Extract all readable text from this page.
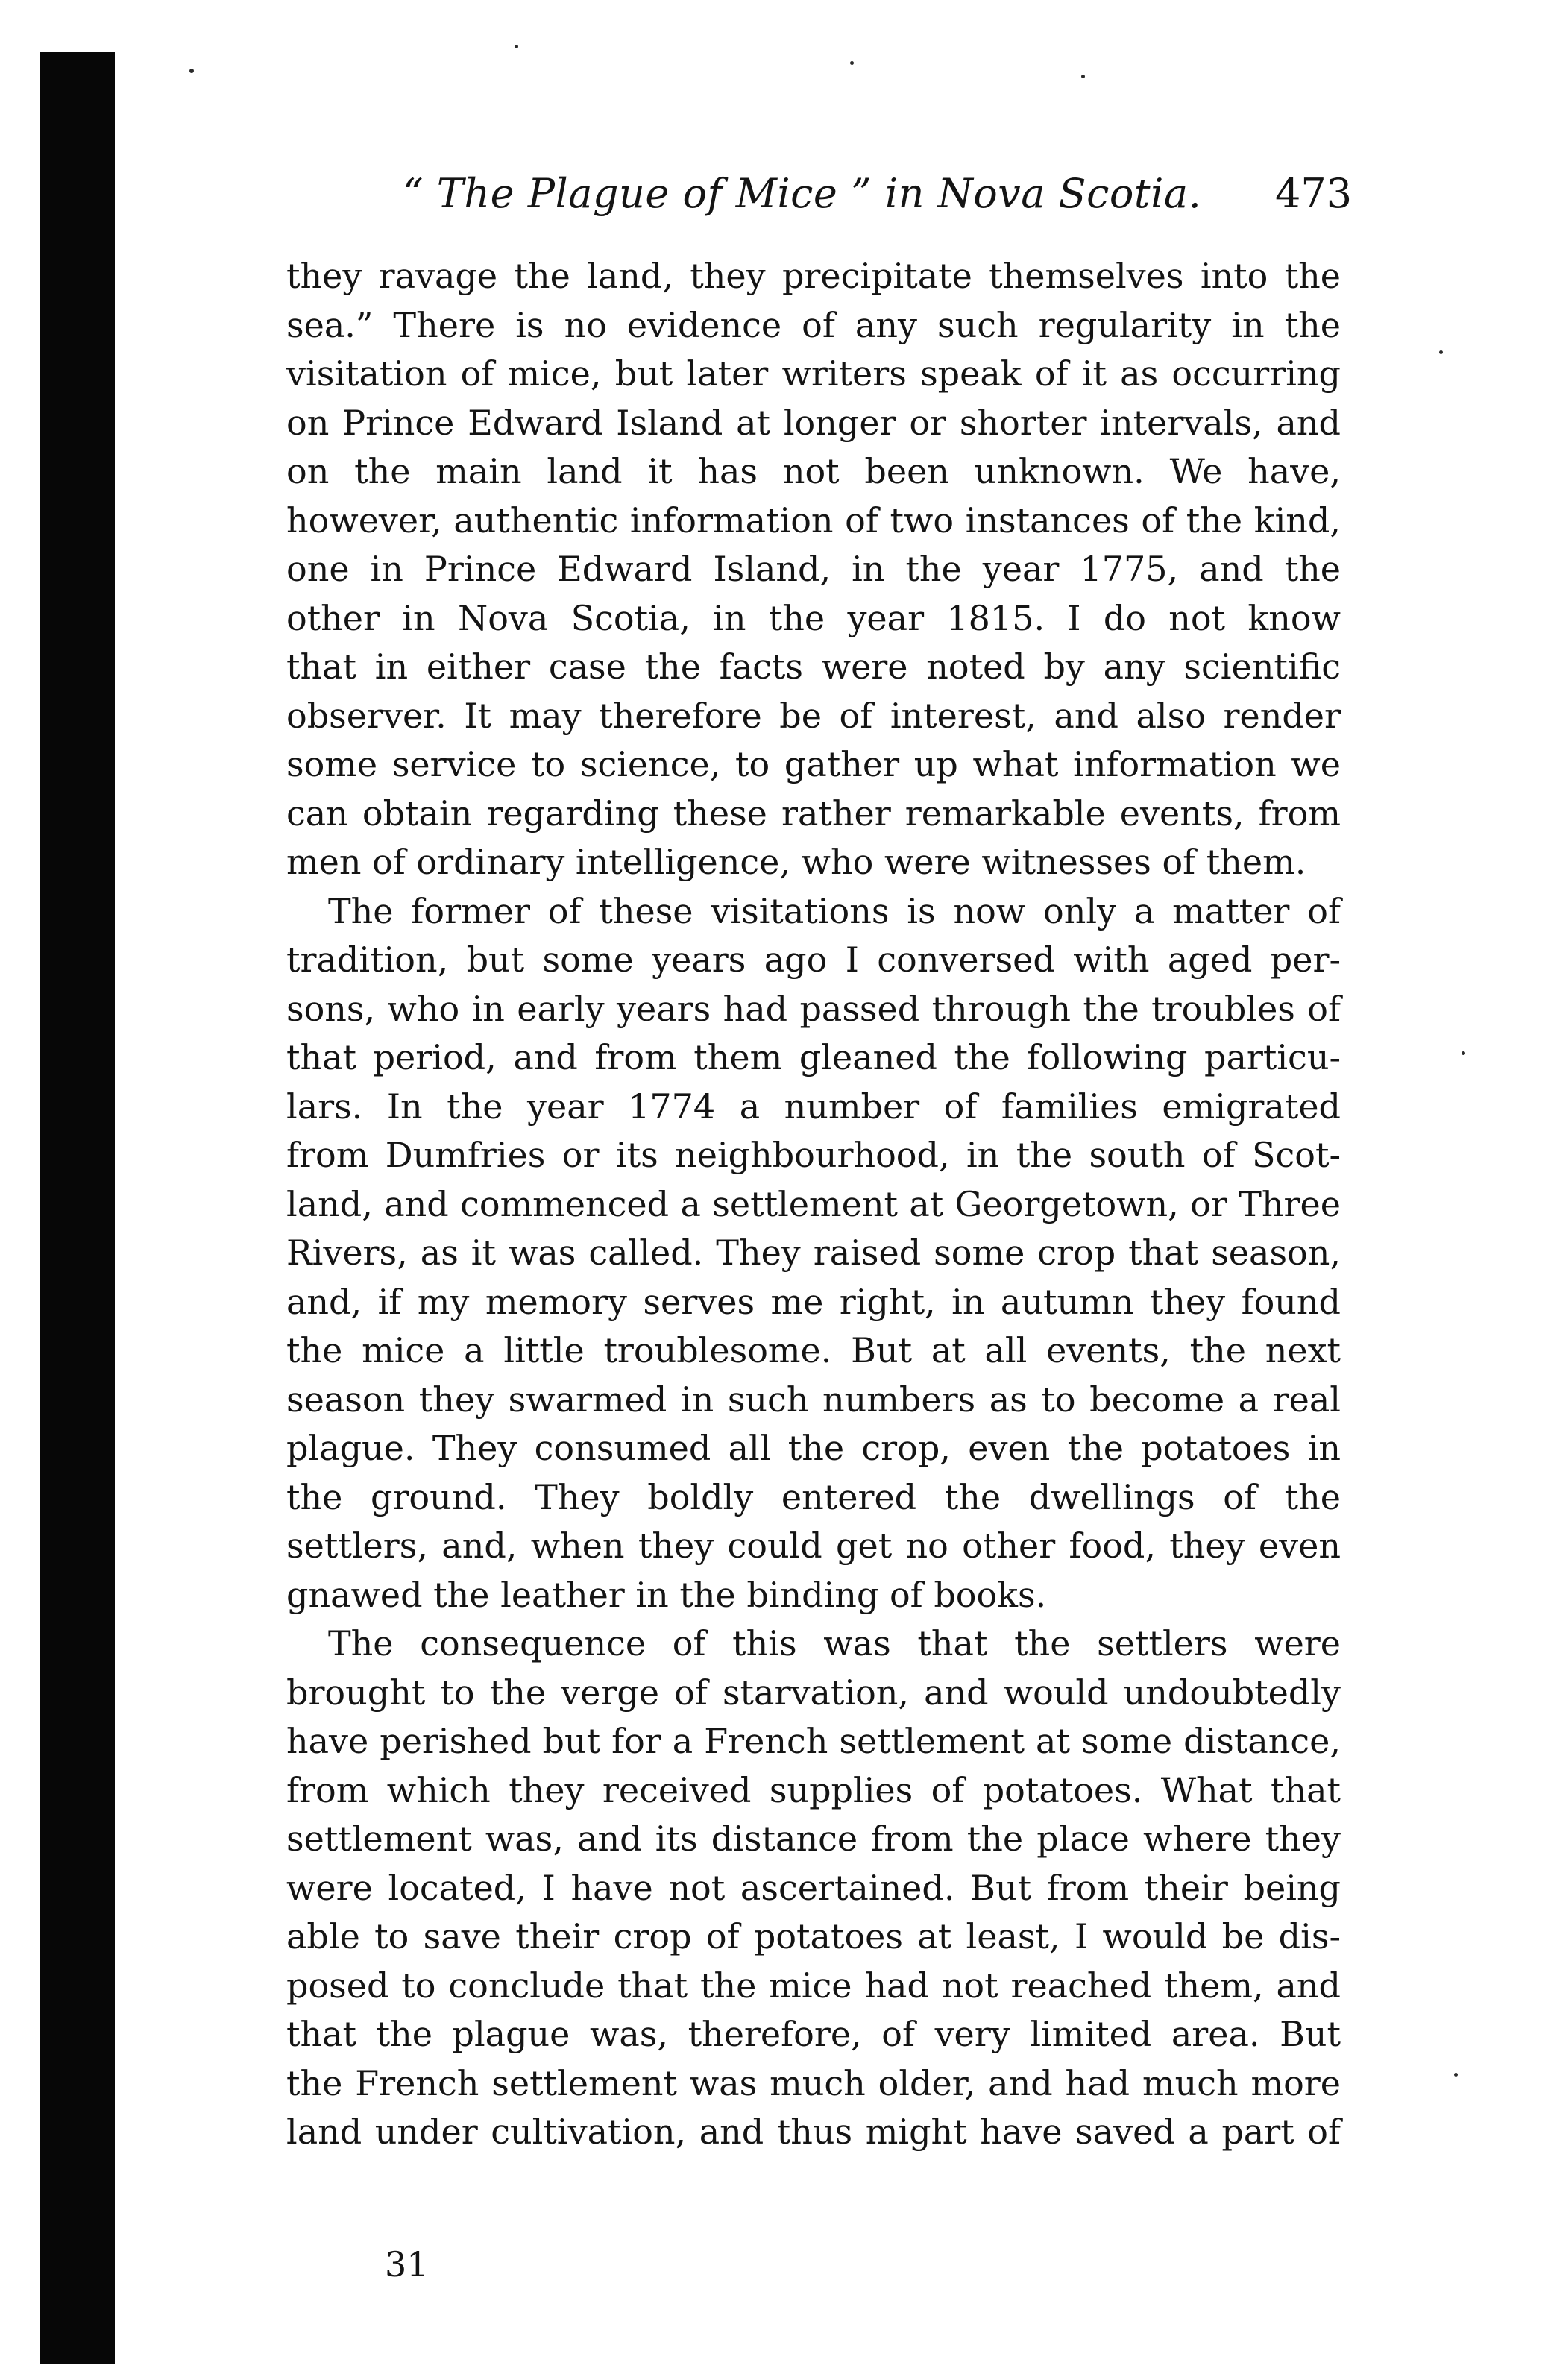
“ The Plague of Mice ” in Nova Scotia. 473
they ravage the land, they precipitate themselves into the
sea.” There is no evidence of any such regularity in the
visitation of mice, but later writers speak of it as occurring
on Prince Edward Island at longer or shorter intervals, and
on the main land it has not been unknown. We have,
however, authentic information of two instances of the kind,
one in Prince Edward Island, in the year 1775, and the
other in Nova Scotia, in the year 1815. I do not know
that in either case the facts were noted by any scientific
observer. It may therefore be of interest, and also render
some service to science, to gather up what information we
can obtain regarding these rather remarkable events, from
men of ordinary intelligence, who were witnesses of them.
The former of these visitations is now only a matter of
tradition, but some years ago I conversed with aged per-
sons, who in early years had passed through the troubles of
that period, and from them gleaned the following particu-
lars. In the year 1774 a number of families emigrated
from Dumfries or its neighbourhood, in the south of Scot-
land, and commenced a settlement at Georgetown, or Three
Rivers, as it was called. They raised some crop that season,
and, if my memory serves me right, in autumn they found
the mice a little troublesome. But at all events, the next
season they swarmed in such numbers as to become a real
plague. They consumed all the crop, even the potatoes in
the ground. They boldly entered the dwellings of the
settlers, and, when they could get no other food, they even
gnawed the leather in the binding of books.
The consequence of this was that the settlers were
brought to the verge of starvation, and would undoubtedly
have perished but for a French settlement at some distance,
from which they received supplies of potatoes. What that
settlement was, and its distance from the place where they
were located, I have not ascertained. But from their being
able to save their crop of potatoes at least, I would be dis-
posed to conclude that the mice had not reached them, and
that the plague was, therefore, of very limited area. But
the French settlement was much older, and had much more
land under cultivation, and thus might have saved a part of
31
